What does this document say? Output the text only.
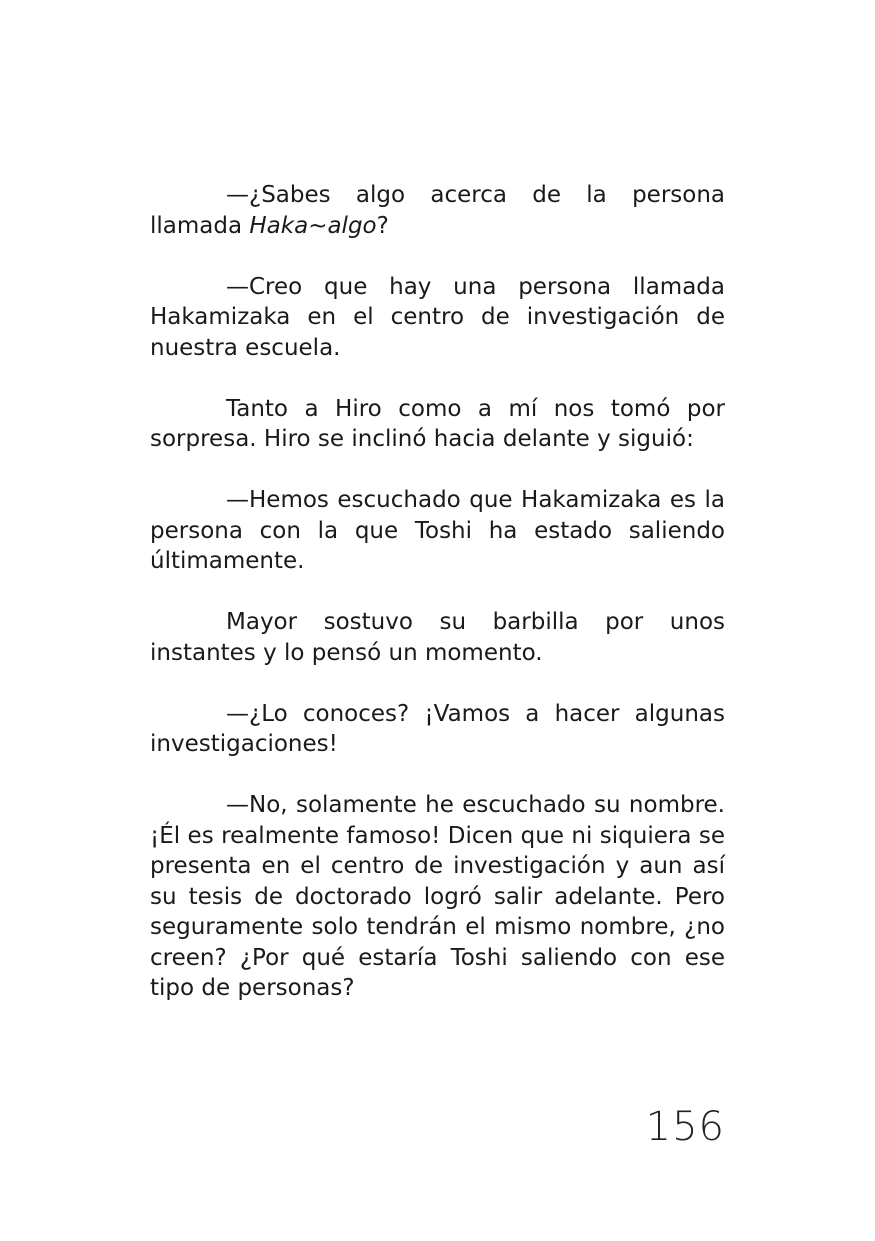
—¿Sabes algo acerca de la persona llamada Haka~algo?

—Creo que hay una persona llamada Hakamizaka en el centro de investigación de nuestra escuela.

Tanto a Hiro como a mí nos tomó por sorpresa. Hiro se inclinó hacia delante y siguió:

—Hemos escuchado que Hakamizaka es la persona con la que Toshi ha estado saliendo últimamente.

Mayor sostuvo su barbilla por unos instantes y lo pensó un momento.

—¿Lo conoces? ¡Vamos a hacer algunas investigaciones!

—No, solamente he escuchado su nombre. ¡Él es realmente famoso! Dicen que ni siquiera se presenta en el centro de investigación y aun así su tesis de doctorado logró salir adelante. Pero seguramente solo tendrán el mismo nombre, ¿no creen? ¿Por qué estaría Toshi saliendo con ese tipo de personas?

156
